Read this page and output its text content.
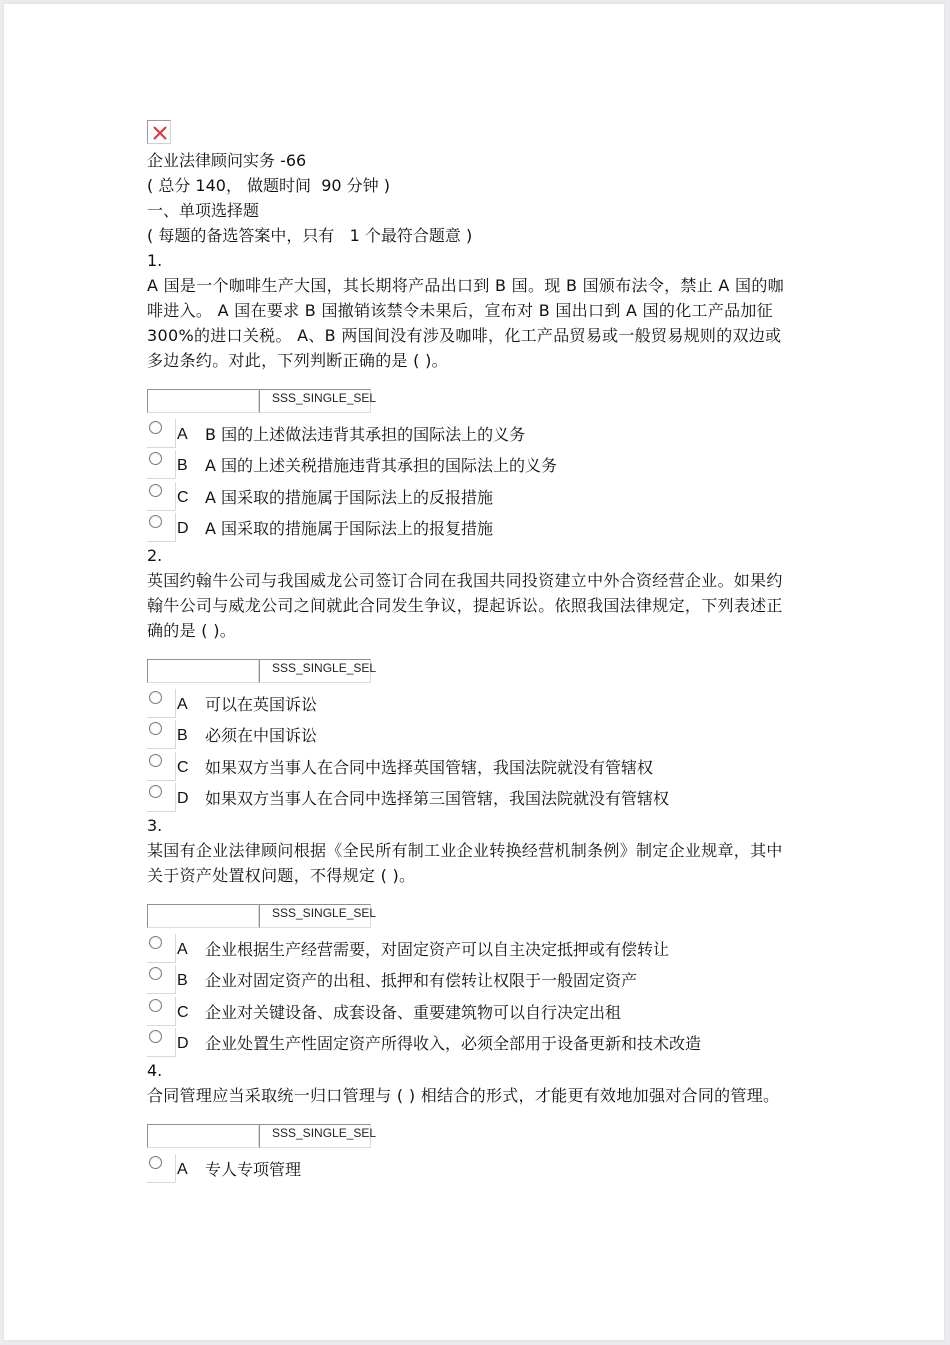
企业法律顾问实务 -66
( 总分 140， 做题时间  90 分钟 )
一、单项选择题
( 每题的备选答案中，只有   1 个最符合题意 )
1.
A 国是一个咖啡生产大国，其长期将产品出口到 B 国。现 B 国颁布法令，禁止 A 国的咖啡进入。 A 国在要求 B 国撤销该禁令未果后，宣布对 B 国出口到 A 国的化工产品加征 300%的进口关税。 A、B 两国间没有涉及咖啡，化工产品贸易或一般贸易规则的双边或多边条约。对此，下列判断正确的是 ( )。
SSS_SINGLE_SEL
A	B 国的上述做法违背其承担的国际法上的义务
B	A 国的上述关税措施违背其承担的国际法上的义务
C	A 国采取的措施属于国际法上的反报措施
D	A 国采取的措施属于国际法上的报复措施
2.
英国约翰牛公司与我国威龙公司签订合同在我国共同投资建立中外合资经营企业。如果约翰牛公司与威龙公司之间就此合同发生争议，提起诉讼。依照我国法律规定，下列表述正确的是 ( )。
SSS_SINGLE_SEL
A	可以在英国诉讼
B	必须在中国诉讼
C	如果双方当事人在合同中选择英国管辖，我国法院就没有管辖权
D	如果双方当事人在合同中选择第三国管辖，我国法院就没有管辖权
3.
某国有企业法律顾问根据《全民所有制工业企业转换经营机制条例》制定企业规章，其中关于资产处置权问题，不得规定 ( )。
SSS_SINGLE_SEL
A	企业根据生产经营需要，对固定资产可以自主决定抵押或有偿转让
B	企业对固定资产的出租、抵押和有偿转让权限于一般固定资产
C	企业对关键设备、成套设备、重要建筑物可以自行决定出租
D	企业处置生产性固定资产所得收入，必须全部用于设备更新和技术改造
4.
合同管理应当采取统一归口管理与 ( ) 相结合的形式，才能更有效地加强对合同的管理。
SSS_SINGLE_SEL
A	专人专项管理
